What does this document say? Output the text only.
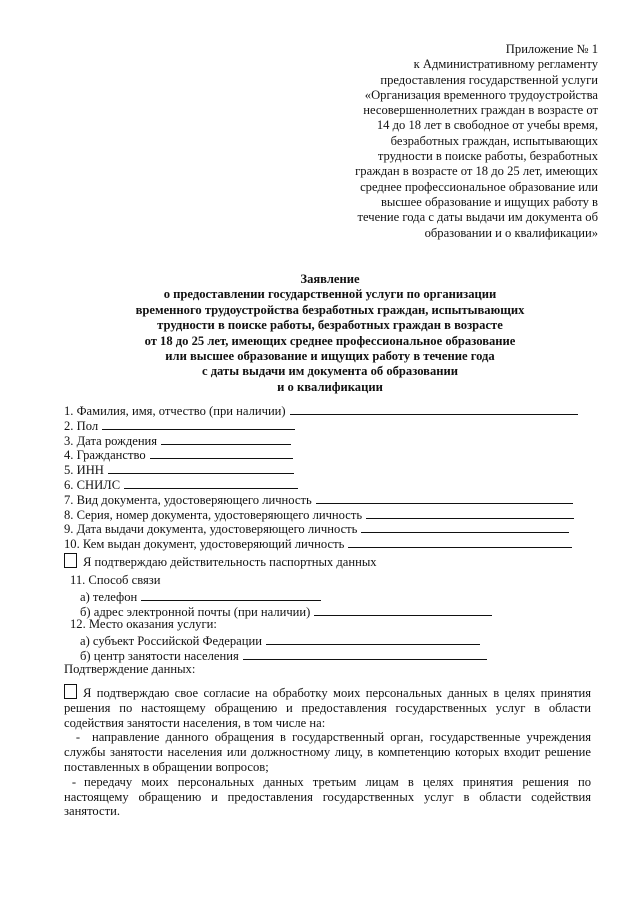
Приложение № 1
к Административному регламенту
предоставления государственной услуги
«Организация временного трудоустройства
несовершеннолетних граждан в возрасте от
14 до 18 лет в свободное от учебы время,
безработных граждан, испытывающих
трудности в поиске работы, безработных
граждан в возрасте от 18 до 25 лет, имеющих
среднее профессиональное образование или
высшее образование и ищущих работу в
течение года с даты выдачи им документа об
образовании и о квалификации»
Заявление
о предоставлении государственной услуги по организации
временного трудоустройства безработных граждан, испытывающих
трудности в поиске работы, безработных граждан в возрасте
от 18 до 25 лет, имеющих среднее профессиональное образование
или высшее образование и ищущих работу в течение года
с даты выдачи им документа об образовании
и о квалификации
1. Фамилия, имя, отчество (при наличии)
2. Пол
3. Дата рождения
4. Гражданство
5. ИНН
6. СНИЛС
7. Вид документа, удостоверяющего личность
8. Серия, номер документа, удостоверяющего личность
9. Дата выдачи документа, удостоверяющего личность
10. Кем выдан документ, удостоверяющий личность
Я подтверждаю действительность паспортных данных
11. Способ связи
а) телефон
б) адрес электронной почты (при наличии)
12. Место оказания услуги:
а) субъект Российской Федерации
б) центр занятости населения
Подтверждение данных:

Я подтверждаю свое согласие на обработку моих персональных данных в целях принятия решения по настоящему обращению и предоставления государственных услуг в области содействия занятости населения, в том числе на:

- направление данного обращения в государственный орган, государственные учреждения службы занятости населения или должностному лицу, в компетенцию которых входит решение поставленных в обращении вопросов;

- передачу моих персональных данных третьим лицам в целях принятия решения по настоящему обращению и предоставления государственных услуг в области содействия занятости.
